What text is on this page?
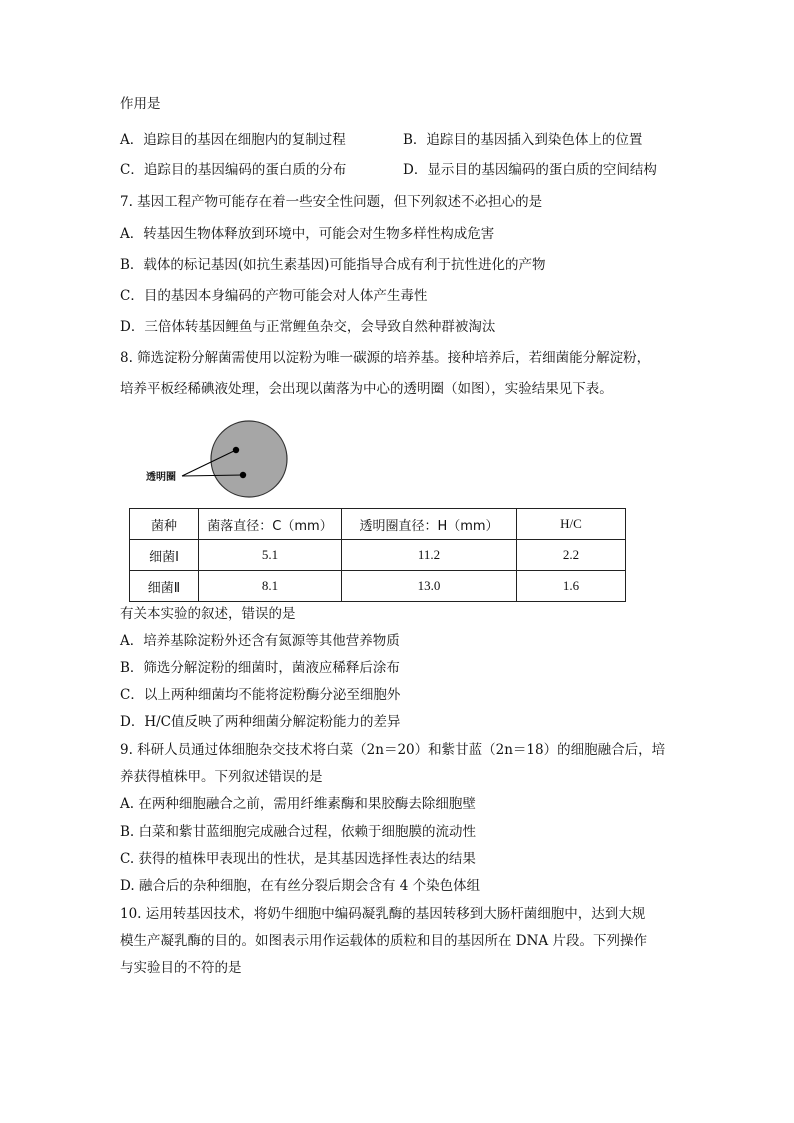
作用是
A．追踪目的基因在细胞内的复制过程	B．追踪目的基因插入到染色体上的位置
C．追踪目的基因编码的蛋白质的分布	D．显示目的基因编码的蛋白质的空间结构
7. 基因工程产物可能存在着一些安全性问题，但下列叙述不必担心的是
A．转基因生物体释放到环境中，可能会对生物多样性构成危害
B．载体的标记基因(如抗生素基因)可能指导合成有利于抗性进化的产物
C．目的基因本身编码的产物可能会对人体产生毒性
D．三倍体转基因鲤鱼与正常鲤鱼杂交，会导致自然种群被淘汰
8. 筛选淀粉分解菌需使用以淀粉为唯一碳源的培养基。接种培养后，若细菌能分解淀粉，
培养平板经稀碘液处理，会出现以菌落为中心的透明圈（如图），实验结果见下表。
透明圈
菌种	菌落直径：C（mm）	透明圈直径：H（mm）	H/C
细菌Ⅰ	5.1	11.2	2.2
细菌Ⅱ	8.1	13.0	1.6
有关本实验的叙述，错误的是
A．培养基除淀粉外还含有氮源等其他营养物质
B．筛选分解淀粉的细菌时，菌液应稀释后涂布
C．以上两种细菌均不能将淀粉酶分泌至细胞外
D．H/C值反映了两种细菌分解淀粉能力的差异
9. 科研人员通过体细胞杂交技术将白菜（2n＝20）和紫甘蓝（2n＝18）的细胞融合后，培
养获得植株甲。下列叙述错误的是
A. 在两种细胞融合之前，需用纤维素酶和果胶酶去除细胞壁
B. 白菜和紫甘蓝细胞完成融合过程，依赖于细胞膜的流动性
C. 获得的植株甲表现出的性状，是其基因选择性表达的结果
D. 融合后的杂种细胞，在有丝分裂后期会含有 4 个染色体组
10. 运用转基因技术，将奶牛细胞中编码凝乳酶的基因转移到大肠杆菌细胞中，达到大规
模生产凝乳酶的目的。如图表示用作运载体的质粒和目的基因所在 DNA 片段。下列操作
与实验目的不符的是
